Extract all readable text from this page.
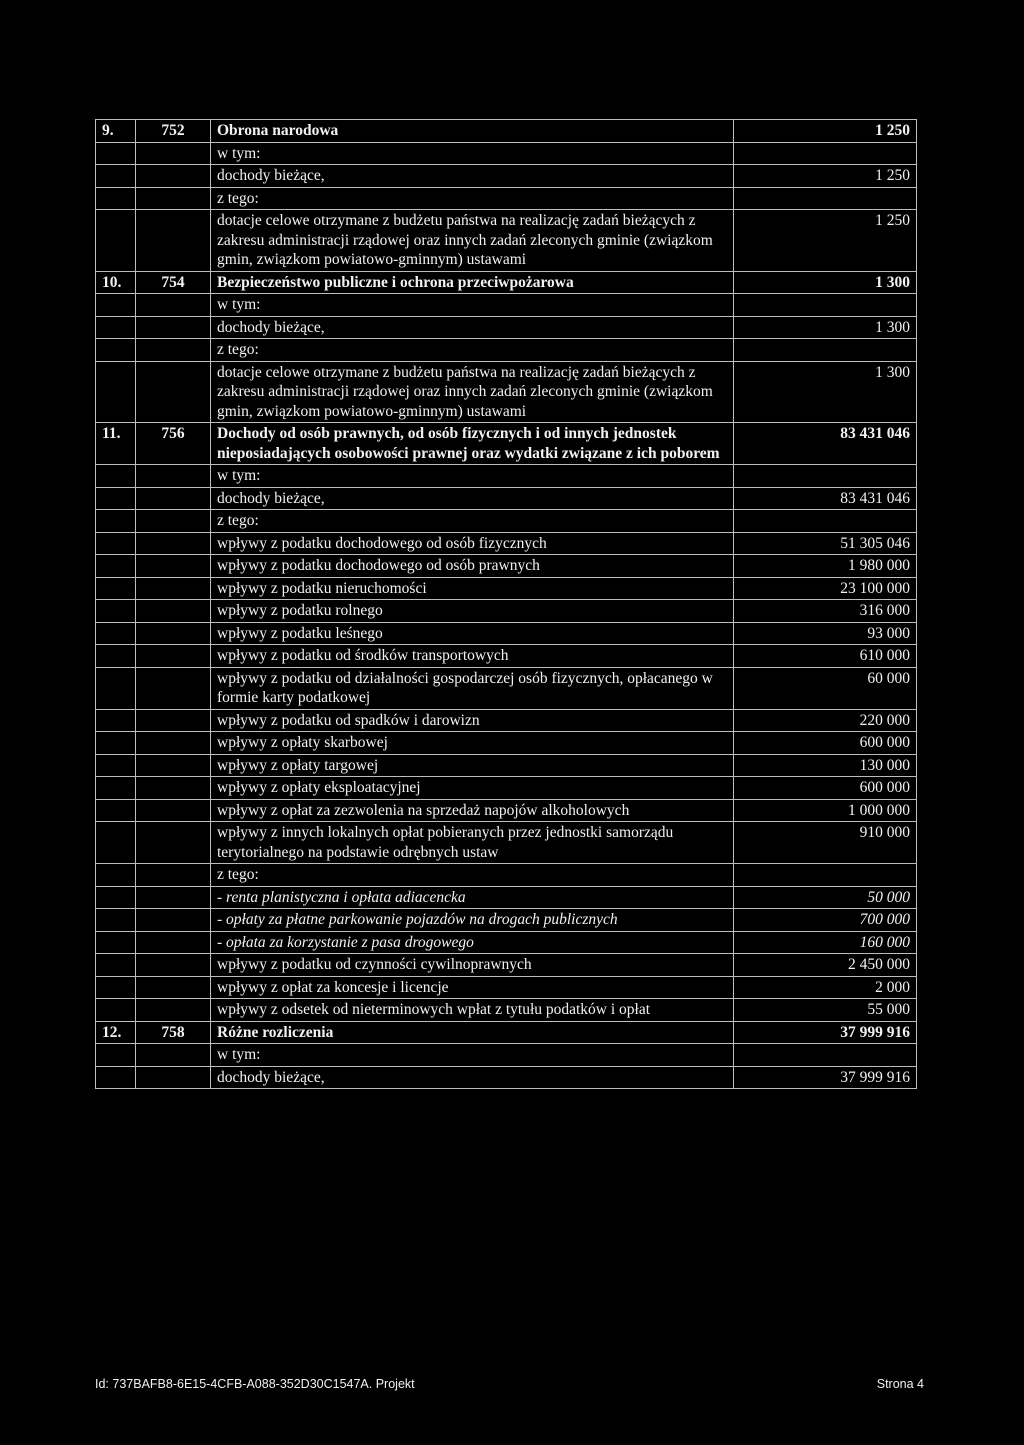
9.	752	Obrona narodowa	1 250
		w tym:	
		dochody bieżące,	1 250
		z tego:	
		dotacje celowe otrzymane z budżetu państwa na realizację zadań bieżących z zakresu administracji rządowej oraz innych zadań zleconych gminie (związkom gmin, związkom powiatowo-gminnym) ustawami	1 250
10.	754	Bezpieczeństwo publiczne i ochrona przeciwpożarowa	1 300
		w tym:	
		dochody bieżące,	1 300
		z tego:	
		dotacje celowe otrzymane z budżetu państwa na realizację zadań bieżących z zakresu administracji rządowej oraz innych zadań zleconych gminie (związkom gmin, związkom powiatowo-gminnym) ustawami	1 300
11.	756	Dochody od osób prawnych, od osób fizycznych i od innych jednostek nieposiadających osobowości prawnej oraz wydatki związane z ich poborem	83 431 046
		w tym:	
		dochody bieżące,	83 431 046
		z tego:	
		wpływy z podatku dochodowego od osób fizycznych	51 305 046
		wpływy z podatku dochodowego od osób prawnych	1 980 000
		wpływy z podatku nieruchomości	23 100 000
		wpływy z podatku rolnego	316 000
		wpływy z podatku leśnego	93 000
		wpływy z podatku od środków transportowych	610 000
		wpływy z podatku od działalności gospodarczej osób fizycznych, opłacanego w formie karty podatkowej	60 000
		wpływy z podatku od spadków i darowizn	220 000
		wpływy z opłaty skarbowej	600 000
		wpływy z opłaty targowej	130 000
		wpływy z opłaty eksploatacyjnej	600 000
		wpływy z opłat za zezwolenia na sprzedaż napojów alkoholowych	1 000 000
		wpływy z innych lokalnych opłat pobieranych przez jednostki samorządu terytorialnego na podstawie odrębnych ustaw	910 000
		z tego:	
		- renta planistyczna i opłata adiacencka	50 000
		- opłaty za płatne parkowanie pojazdów na drogach publicznych	700 000
		- opłata za korzystanie z pasa drogowego	160 000
		wpływy z podatku od czynności cywilnoprawnych	2 450 000
		wpływy z opłat za koncesje i licencje	2 000
		wpływy z odsetek od nieterminowych wpłat z tytułu podatków i opłat	55 000
12.	758	Różne rozliczenia	37 999 916
		w tym:	
		dochody bieżące,	37 999 916
Id: 737BAFB8-6E15-4CFB-A088-352D30C1547A. Projekt	Strona 4
